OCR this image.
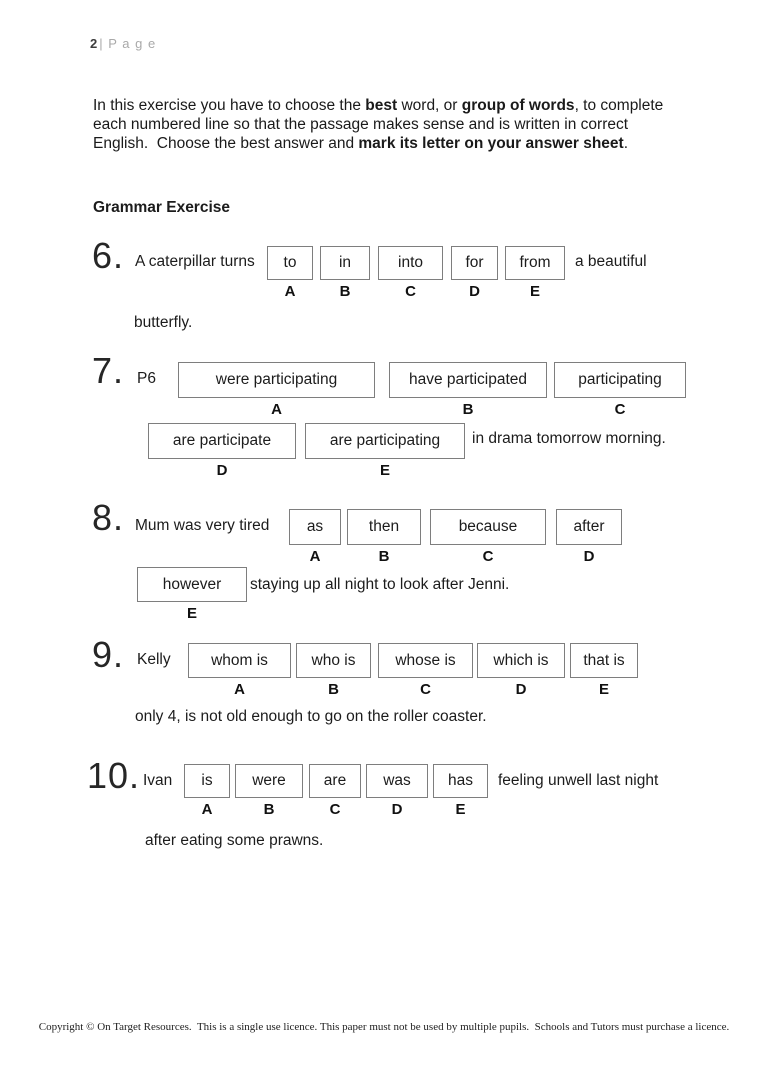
2 | P a g e

In this exercise you have to choose the best word, or group of words, to complete each numbered line so that the passage makes sense and is written in correct English.  Choose the best answer and mark its letter on your answer sheet.

Grammar Exercise
6. A caterpillar turns to
A
in
B
into
C
for
D
from
E
a beautiful
butterfly.
7. P6	were participating
A
have participated
B
participating
C
are participate
D
are participating
E
in drama tomorrow morning.
8. Mum was very tired as
A
then
B
because
C
after
D
however
E
staying up all night to look after Jenni.
9. Kelly	whom is
A
who is
B
whose is
C
which is
D
that is
E
only 4, is not old enough to go on the roller coaster.
10. Ivan is
A
were
B
are
C
was
D
has
E
feeling unwell last night
after eating some prawns.
Copyright © On Target Resources.  This is a single use licence. This paper must not be used by multiple pupils.  Schools and Tutors must purchase a licence.
